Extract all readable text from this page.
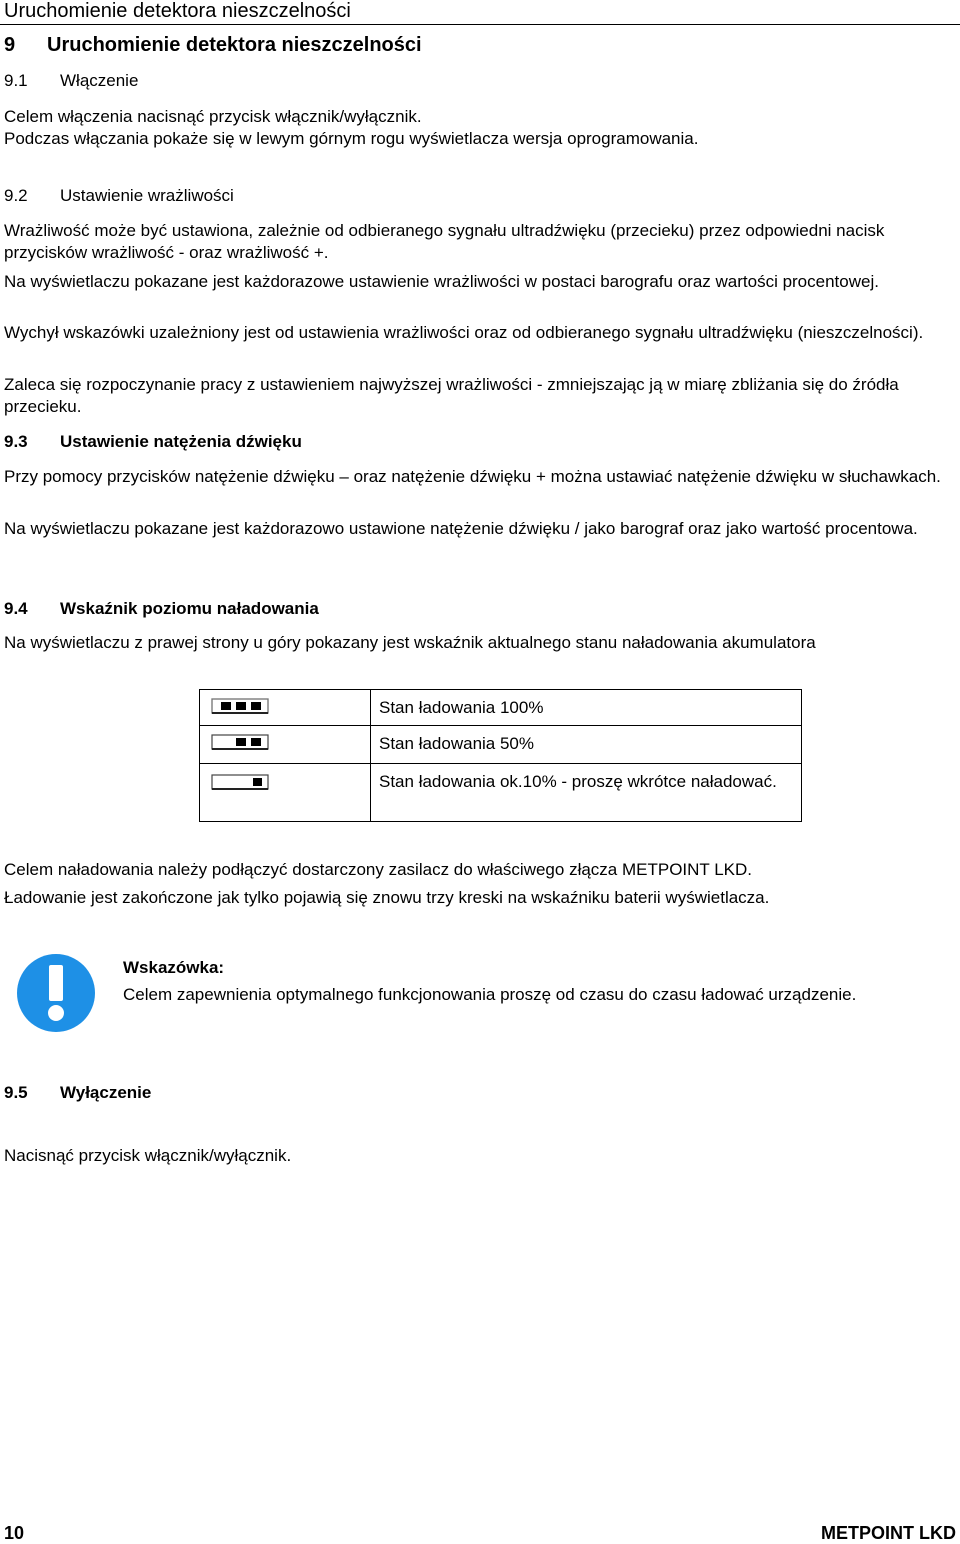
Uruchomienie detektora nieszczelności
9 Uruchomienie detektora nieszczelności
9.1 Włączenie
Celem włączenia nacisnąć przycisk włącznik/wyłącznik.
Podczas włączania pokaże się w lewym górnym rogu wyświetlacza wersja oprogramowania.
9.2 Ustawienie wrażliwości
Wrażliwość może być ustawiona, zależnie od odbieranego sygnału ultradźwięku (przecieku) przez odpowiedni nacisk przycisków wrażliwość - oraz wrażliwość +.
Na wyświetlaczu pokazane jest każdorazowe ustawienie wrażliwości w postaci barografu oraz wartości procentowej.
Wychył wskazówki uzależniony jest od ustawienia wrażliwości oraz od odbieranego sygnału ultradźwięku (nieszczelności).
Zaleca się rozpoczynanie pracy z ustawieniem najwyższej wrażliwości - zmniejszając ją w miarę zbliżania się do źródła przecieku.
9.3 Ustawienie natężenia dźwięku
Przy pomocy przycisków natężenie dźwięku – oraz natężenie dźwięku + można ustawiać natężenie dźwięku w słuchawkach.
Na wyświetlaczu pokazane jest każdorazowo ustawione natężenie dźwięku / jako barograf oraz jako wartość procentowa.
9.4 Wskaźnik poziomu naładowania
Na wyświetlaczu z prawej strony u góry pokazany jest wskaźnik aktualnego stanu naładowania akumulatora
	Stan ładowania 100%

	Stan ładowania 50%

	Stan ładowania ok.10% - proszę wkrótce naładować.
Celem naładowania należy podłączyć dostarczony zasilacz do właściwego złącza METPOINT LKD.
Ładowanie jest zakończone jak tylko pojawią się znowu trzy kreski na wskaźniku baterii wyświetlacza.
Wskazówka:
Celem zapewnienia optymalnego funkcjonowania proszę od czasu do czasu ładować urządzenie.
9.5 Wyłączenie
Nacisnąć przycisk włącznik/wyłącznik.
10	METPOINT LKD
